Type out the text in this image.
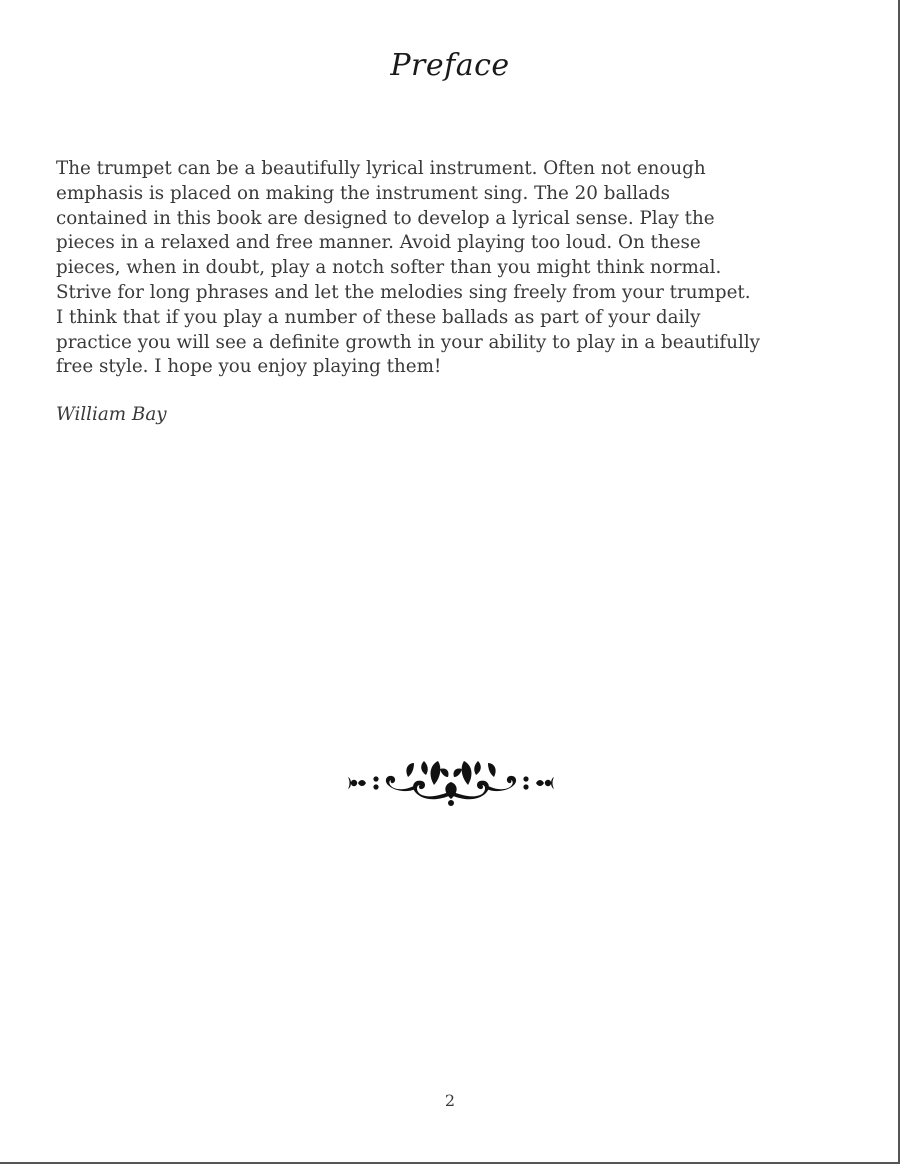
Preface

The trumpet can be a beautifully lyrical instrument. Often not enough
emphasis is placed on making the instrument sing. The 20 ballads
contained in this book are designed to develop a lyrical sense. Play the
pieces in a relaxed and free manner. Avoid playing too loud. On these
pieces, when in doubt, play a notch softer than you might think normal.
Strive for long phrases and let the melodies sing freely from your trumpet.
I think that if you play a number of these ballads as part of your daily
practice you will see a definite growth in your ability to play in a beautifully
free style. I hope you enjoy playing them!

William Bay
2
